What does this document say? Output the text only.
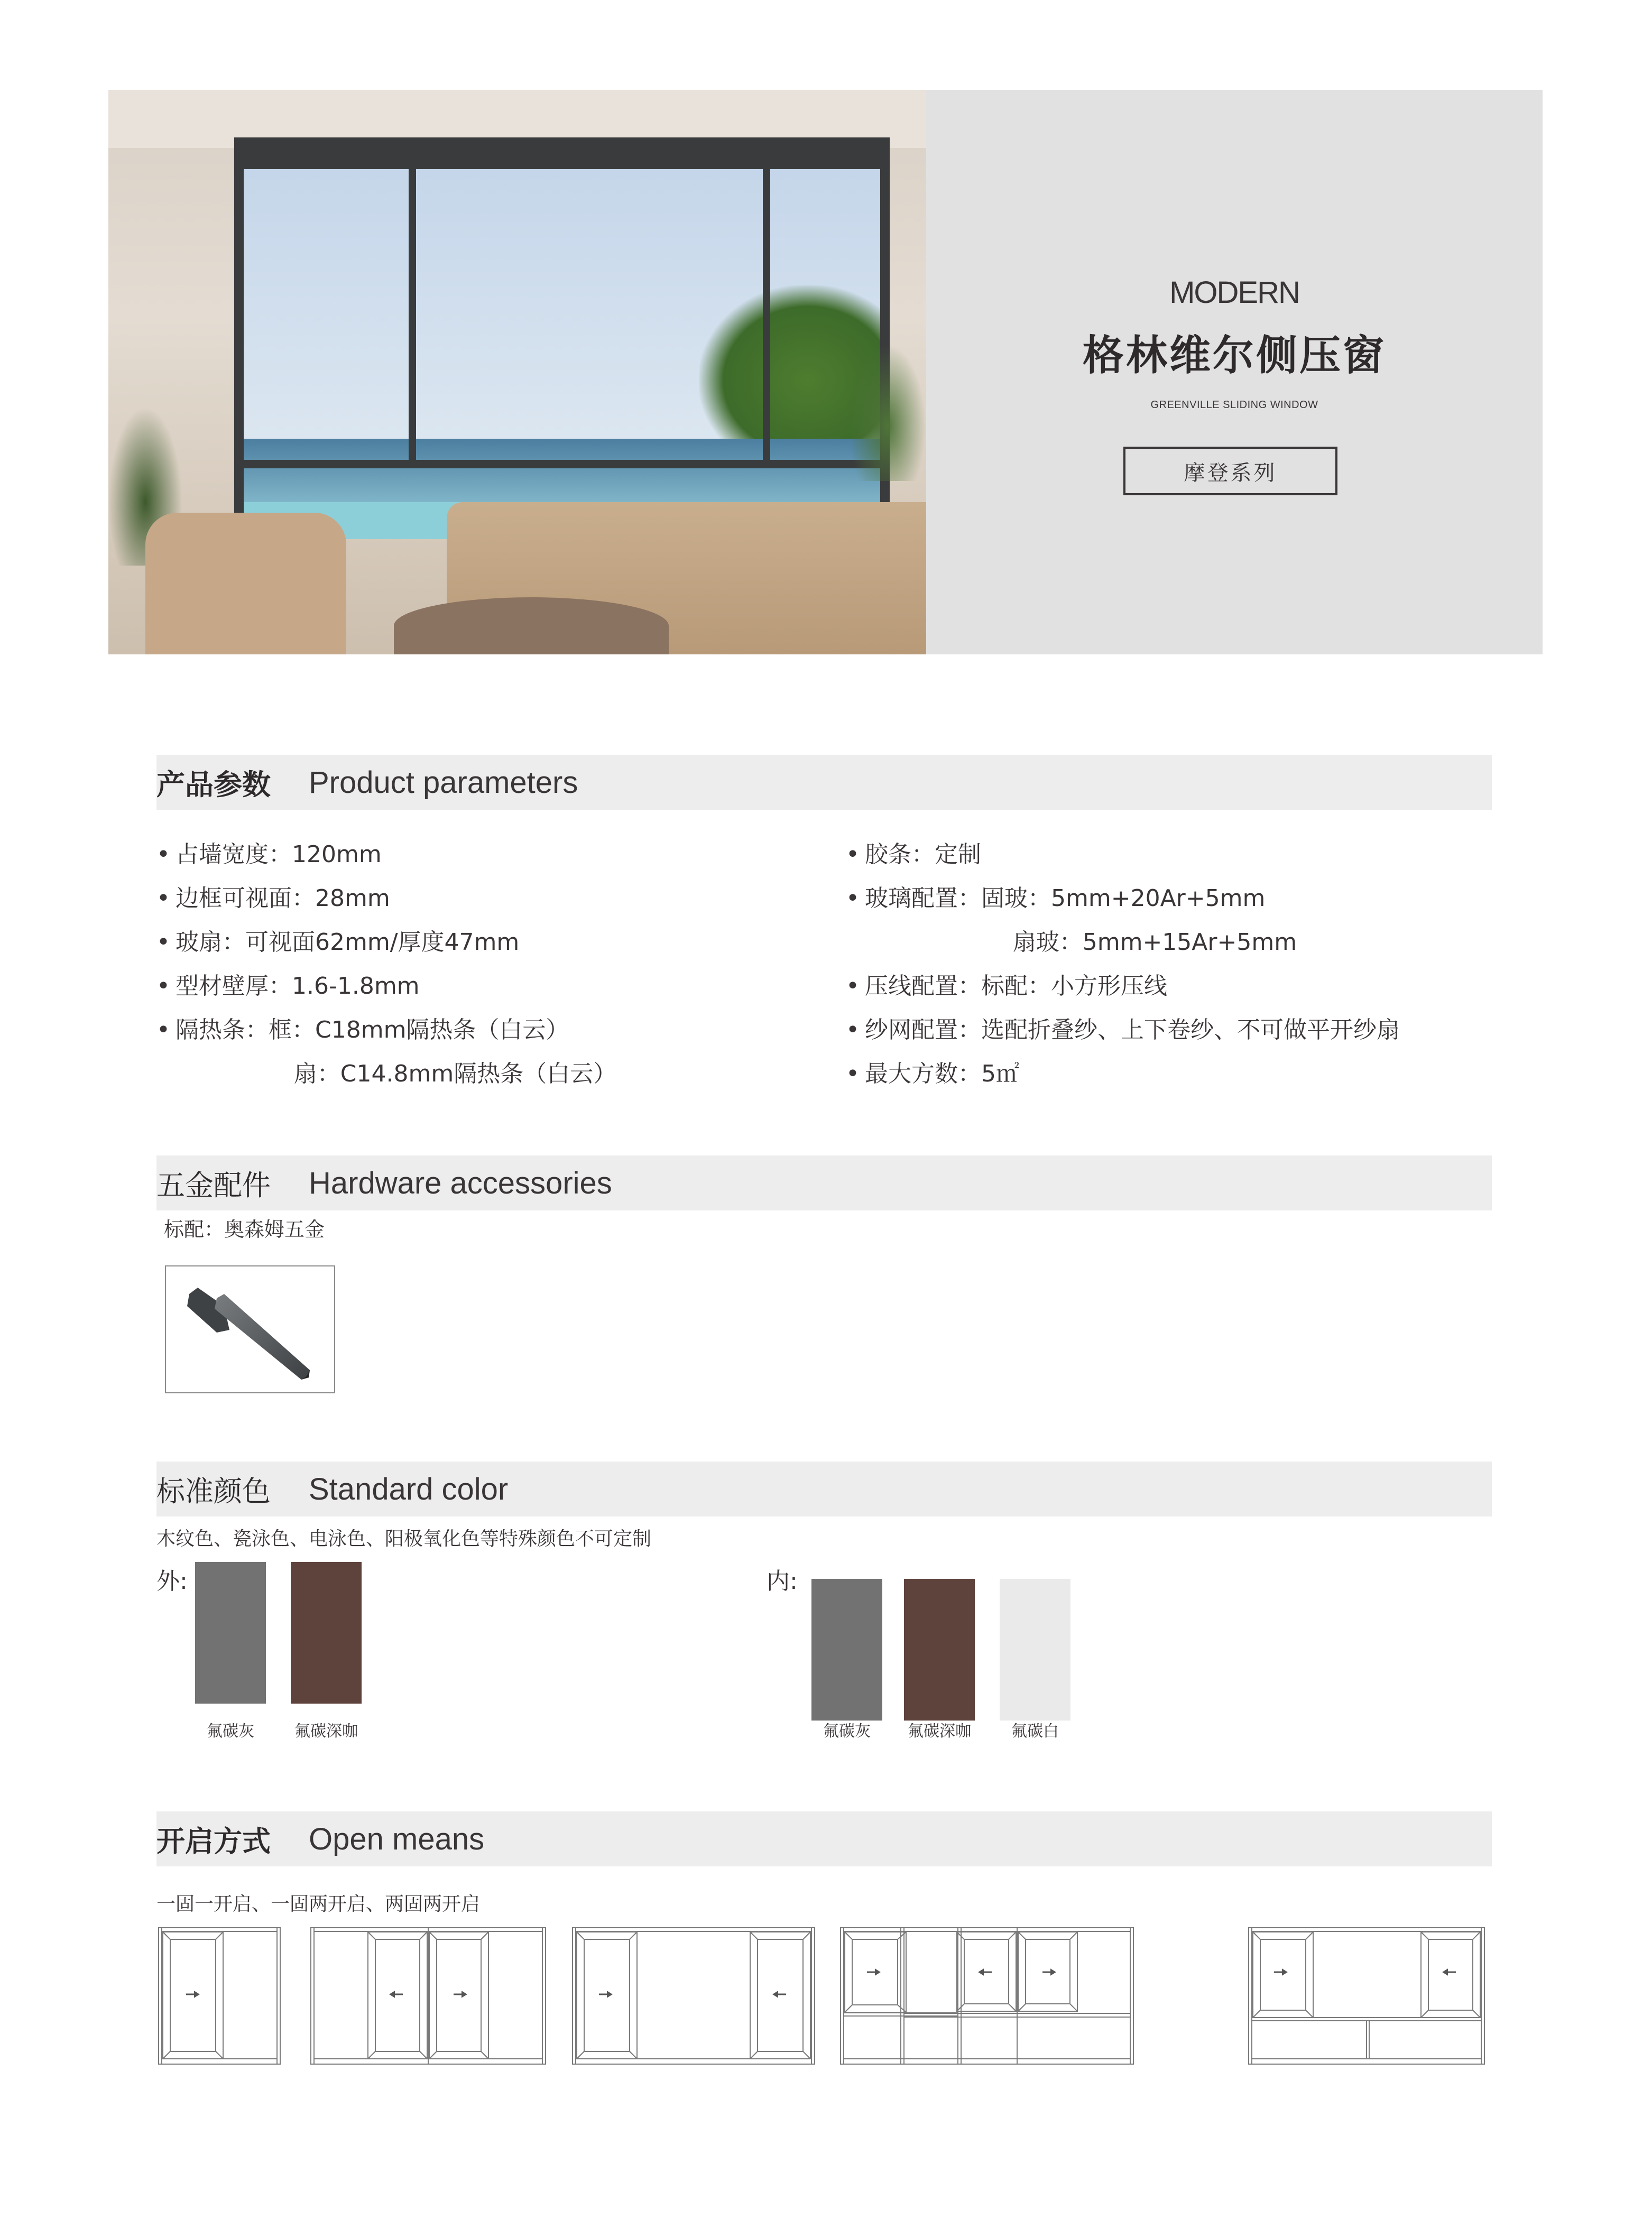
MODERN
格林维尔侧压窗
GREENVILLE SLIDING WINDOW
摩登系列
产品参数 Product parameters
• 占墙宽度：120mm
• 边框可视面：28mm
• 玻扇：可视面62mm/厚度47mm
• 型材壁厚：1.6-1.8mm
• 隔热条：框：C18mm隔热条（白云）
扇：C14.8mm隔热条（白云）
• 胶条：定制
• 玻璃配置：固玻：5mm+20Ar+5mm
扇玻：5mm+15Ar+5mm
• 压线配置：标配：小方形压线
• 纱网配置：选配折叠纱、上下卷纱、不可做平开纱扇
• 最大方数：5㎡
五金配件 Hardware accessories
标配：奥森姆五金
标准颜色 Standard color
木纹色、瓷泳色、电泳色、阳极氧化色等特殊颜色不可定制
外:
氟碳灰	氟碳深咖
内:
氟碳灰	氟碳深咖	氟碳白
开启方式 Open means
一固一开启、一固两开启、两固两开启
